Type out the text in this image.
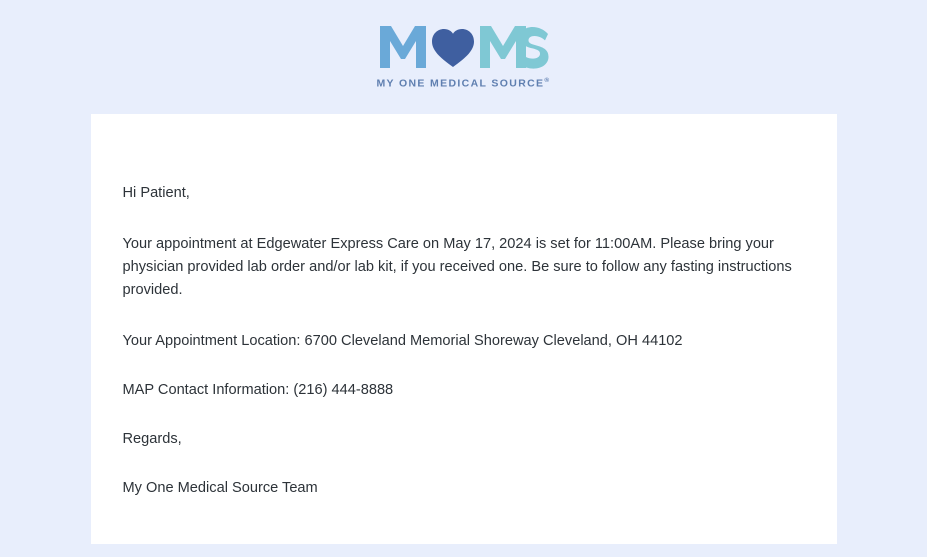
MY ONE MEDICAL SOURCE®

Hi Patient,

Your appointment at Edgewater Express Care on May 17, 2024 is set for 11:00AM. Please bring your physician provided lab order and/or lab kit, if you received one. Be sure to follow any fasting instructions provided.

Your Appointment Location: 6700 Cleveland Memorial Shoreway Cleveland, OH 44102

MAP Contact Information: (216) 444-8888

Regards,

My One Medical Source Team
